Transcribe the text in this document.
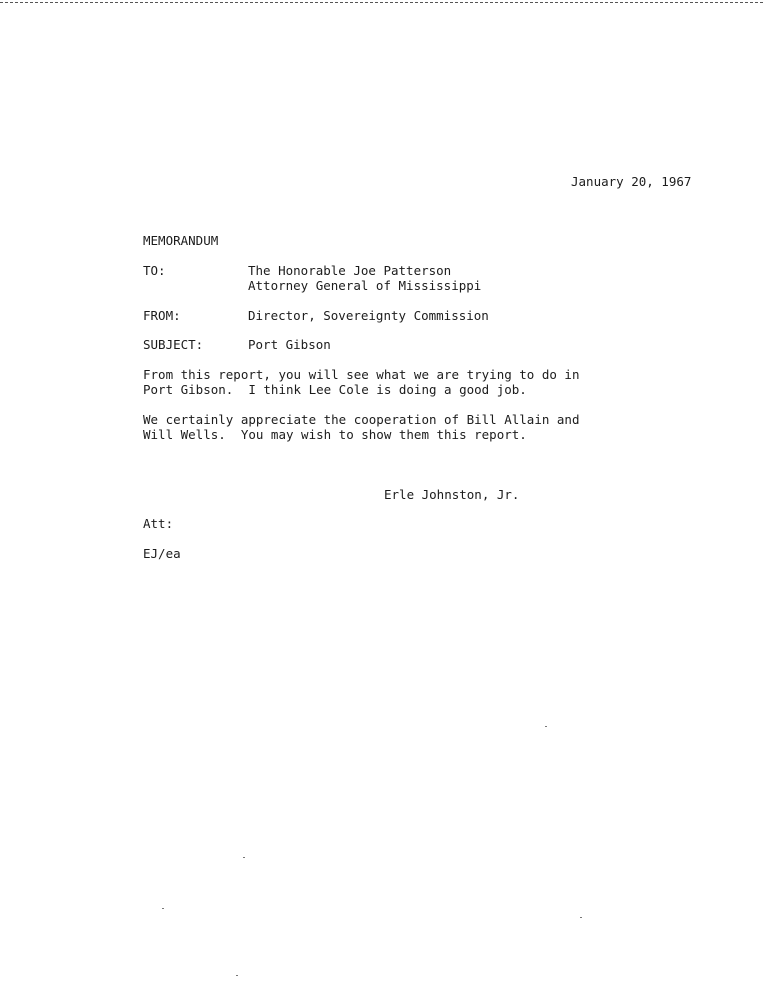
January 20, 1967
MEMORANDUM
TO:	The Honorable Joe Patterson
Attorney General of Mississippi
FROM:	Director, Sovereignty Commission
SUBJECT:	Port Gibson
From this report, you will see what we are trying to do in
Port Gibson.  I think Lee Cole is doing a good job.
We certainly appreciate the cooperation of Bill Allain and
Will Wells.  You may wish to show them this report.
Erle Johnston, Jr.
Att:
EJ/ea
